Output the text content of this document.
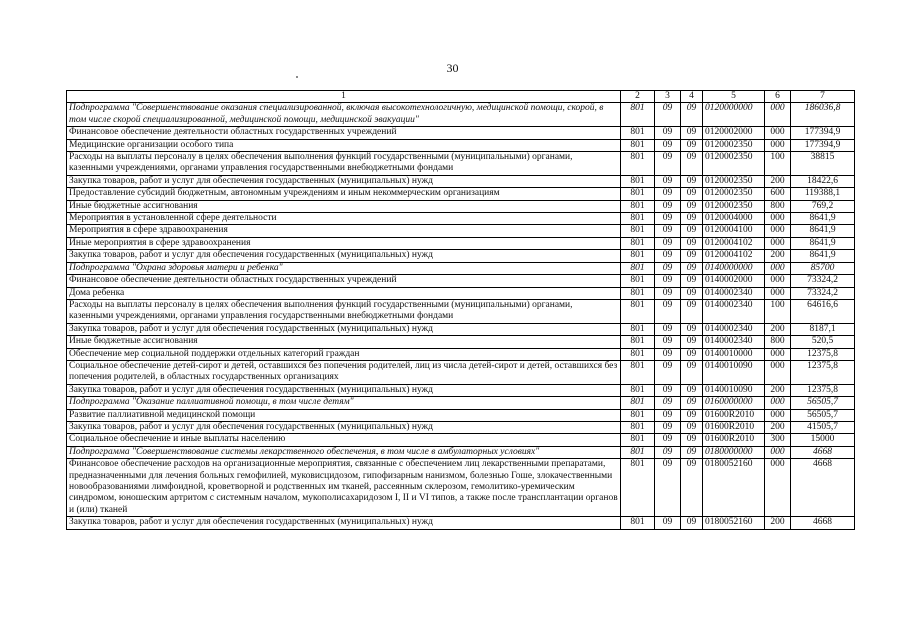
30
1	2	3	4	5	6	7
Подпрограмма "Совершенствование оказания специализированной, включая высокотехнологичную, медицинской помощи, скорой, в том числе скорой специализированной, медицинской помощи, медицинской эвакуации"	801	09	09	0120000000	000	186036,8
Финансовое обеспечение деятельности областных государственных учреждений	801	09	09	0120002000	000	177394,9
Медицинские организации особого типа	801	09	09	0120002350	000	177394,9
Расходы на выплаты персоналу в целях обеспечения выполнения функций государственными (муниципальными) органами, казенными учреждениями, органами управления государственными внебюджетными фондами	801	09	09	0120002350	100	38815
Закупка товаров, работ и услуг для обеспечения государственных (муниципальных) нужд	801	09	09	0120002350	200	18422,6
Предоставление субсидий бюджетным, автономным учреждениям и иным некоммерческим организациям	801	09	09	0120002350	600	119388,1
Иные бюджетные ассигнования	801	09	09	0120002350	800	769,2
Мероприятия в установленной сфере деятельности	801	09	09	0120004000	000	8641,9
Мероприятия в сфере здравоохранения	801	09	09	0120004100	000	8641,9
Иные мероприятия в сфере здравоохранения	801	09	09	0120004102	000	8641,9
Закупка товаров, работ и услуг для обеспечения государственных (муниципальных) нужд	801	09	09	0120004102	200	8641,9
Подпрограмма "Охрана здоровья матери и ребенка"	801	09	09	0140000000	000	85700
Финансовое обеспечение деятельности областных государственных учреждений	801	09	09	0140002000	000	73324,2
Дома ребенка	801	09	09	0140002340	000	73324,2
Расходы на выплаты персоналу в целях обеспечения выполнения функций государственными (муниципальными) органами, казенными учреждениями, органами управления государственными внебюджетными фондами	801	09	09	0140002340	100	64616,6
Закупка товаров, работ и услуг для обеспечения государственных (муниципальных) нужд	801	09	09	0140002340	200	8187,1
Иные бюджетные ассигнования	801	09	09	0140002340	800	520,5
Обеспечение мер социальной поддержки отдельных категорий граждан	801	09	09	0140010000	000	12375,8
Социальное обеспечение детей-сирот и детей, оставшихся без попечения родителей, лиц из числа детей-сирот и детей, оставшихся без попечения родителей, в областных государственных организациях	801	09	09	0140010090	000	12375,8
Закупка товаров, работ и услуг для обеспечения государственных (муниципальных) нужд	801	09	09	0140010090	200	12375,8
Подпрограмма "Оказание паллиативной помощи, в том числе детям"	801	09	09	0160000000	000	56505,7
Развитие паллиативной медицинской помощи	801	09	09	01600R2010	000	56505,7
Закупка товаров, работ и услуг для обеспечения государственных (муниципальных) нужд	801	09	09	01600R2010	200	41505,7
Социальное обеспечение и иные выплаты населению	801	09	09	01600R2010	300	15000
Подпрограмма "Совершенствование системы лекарственного обеспечения, в том числе в амбулаторных условиях"	801	09	09	0180000000	000	4668
Финансовое обеспечение расходов на организационные мероприятия, связанные с обеспечением лиц лекарственными препаратами, предназначенными для лечения больных гемофилией, муковисцидозом, гипофизарным нанизмом, болезнью Гоше, злокачественными новообразованиями лимфоидной, кроветворной и родственных им тканей, рассеянным склерозом, гемолитико-уремическим синдромом, юношеским артритом с системным началом, мукополисахаридозом I, II и VI типов, а также после трансплантации органов и (или) тканей	801	09	09	0180052160	000	4668
Закупка товаров, работ и услуг для обеспечения государственных (муниципальных) нужд	801	09	09	0180052160	200	4668
